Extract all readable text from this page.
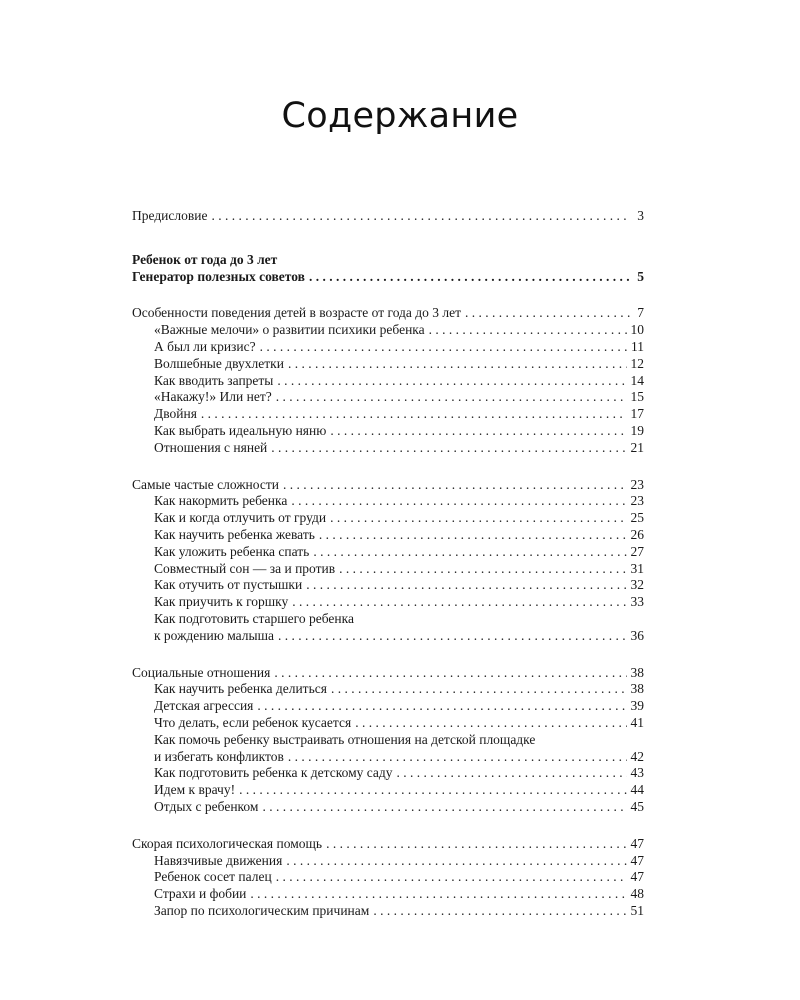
Содержание
Предисловие . . .	3
Ребенок от года до 3 лет
Генератор полезных советов . . .	5
Особенности поведения детей в возрасте от года до 3 лет . . .	7
«Важные мелочи» о развитии психики ребенка . . .	10
А был ли кризис? . . .	11
Волшебные двухлетки . . .	12
Как вводить запреты . . .	14
«Накажу!» Или нет? . . .	15
Двойня . . .	17
Как выбрать идеальную няню . . .	19
Отношения с няней . . .	21
Самые частые сложности . . .	23
Как накормить ребенка . . .	23
Как и когда отлучить от груди . . .	25
Как научить ребенка жевать . . .	26
Как уложить ребенка спать . . .	27
Совместный сон — за и против . . .	31
Как отучить от пустышки . . .	32
Как приучить к горшку . . .	33
Как подготовить старшего ребенка
к рождению малыша . . .	36
Социальные отношения . . .	38
Как научить ребенка делиться . . .	38
Детская агрессия . . .	39
Что делать, если ребенок кусается . . .	41
Как помочь ребенку выстраивать отношения на детской площадке
и избегать конфликтов . . .	42
Как подготовить ребенка к детскому саду . . .	43
Идем к врачу! . . .	44
Отдых с ребенком . . .	45
Скорая психологическая помощь . . .	47
Навязчивые движения . . .	47
Ребенок сосет палец . . .	47
Страхи и фобии . . .	48
Запор по психологическим причинам . . .	51
